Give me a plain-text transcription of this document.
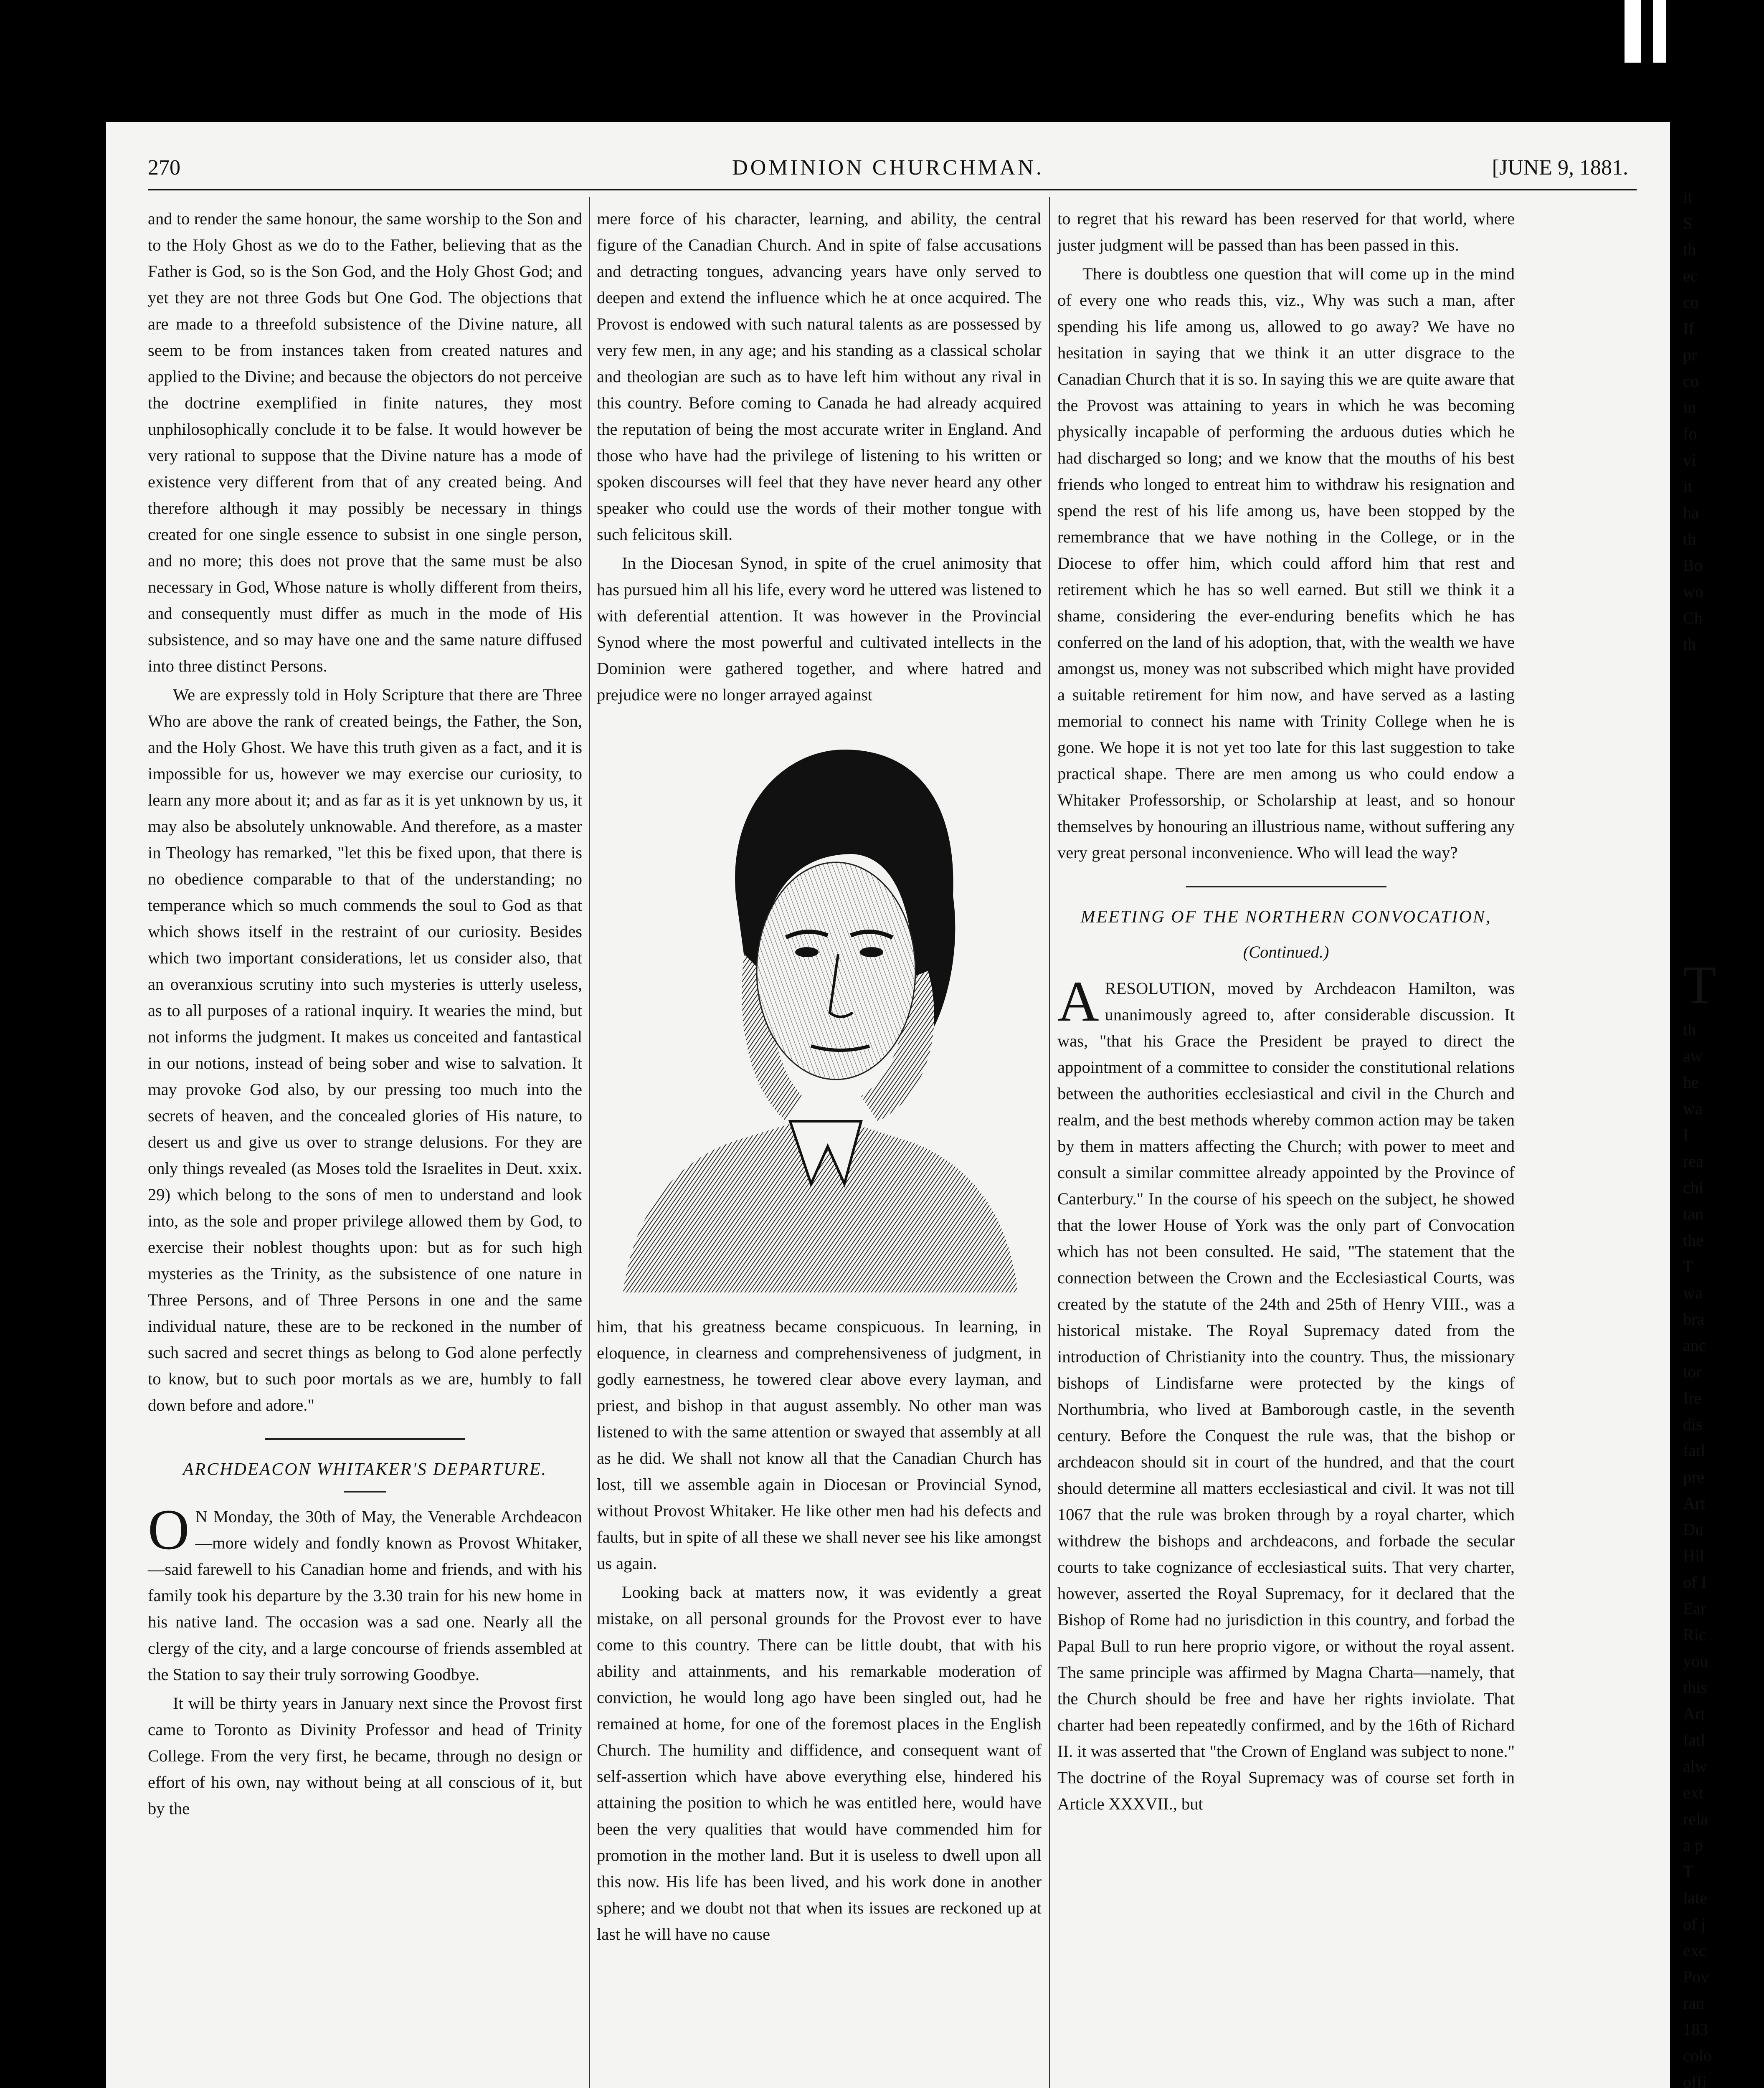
270	DOMINION CHURCHMAN.	[JUNE 9, 1881.

and to render the same honour, the same worship to the Son and to the Holy Ghost as we do to the Father, believing that as the Father is God, so is the Son God, and the Holy Ghost God; and yet they are not three Gods but One God. The objections that are made to a threefold subsistence of the Divine nature, all seem to be from instances taken from created natures and applied to the Divine; and because the objectors do not perceive the doctrine exemplified in finite natures, they most unphilosophically conclude it to be false. It would however be very rational to suppose that the Divine nature has a mode of existence very different from that of any created being. And therefore although it may possibly be necessary in things created for one single essence to subsist in one single person, and no more; this does not prove that the same must be also necessary in God, Whose nature is wholly different from theirs, and consequently must differ as much in the mode of His subsistence, and so may have one and the same nature diffused into three distinct Persons.

We are expressly told in Holy Scripture that there are Three Who are above the rank of created beings, the Father, the Son, and the Holy Ghost. We have this truth given as a fact, and it is impossible for us, however we may exercise our curiosity, to learn any more about it; and as far as it is yet unknown by us, it may also be absolutely unknowable. And therefore, as a master in Theology has remarked, "let this be fixed upon, that there is no obedience comparable to that of the understanding; no temperance which so much commends the soul to God as that which shows itself in the restraint of our curiosity. Besides which two important considerations, let us consider also, that an overanxious scrutiny into such mysteries is utterly useless, as to all purposes of a rational inquiry. It wearies the mind, but not informs the judgment. It makes us conceited and fantastical in our notions, instead of being sober and wise to salvation. It may provoke God also, by our pressing too much into the secrets of heaven, and the concealed glories of His nature, to desert us and give us over to strange delusions. For they are only things revealed (as Moses told the Israelites in Deut. xxix. 29) which belong to the sons of men to understand and look into, as the sole and proper privilege allowed them by God, to exercise their noblest thoughts upon: but as for such high mysteries as the Trinity, as the subsistence of one nature in Three Persons, and of Three Persons in one and the same individual nature, these are to be reckoned in the number of such sacred and secret things as belong to God alone perfectly to know, but to such poor mortals as we are, humbly to fall down before and adore."

ARCHDEACON WHITAKER'S DEPARTURE.

O N Monday, the 30th of May, the Venerable Archdeacon—more widely and fondly known as Provost Whitaker,—said farewell to his Canadian home and friends, and with his family took his departure by the 3.30 train for his new home in his native land. The occasion was a sad one. Nearly all the clergy of the city, and a large concourse of friends assembled at the Station to say their truly sorrowing Goodbye.

It will be thirty years in January next since the Provost first came to Toronto as Divinity Professor and head of Trinity College. From the very first, he became, through no design or effort of his own, nay without being at all conscious of it, but by the

mere force of his character, learning, and ability, the central figure of the Canadian Church. And in spite of false accusations and detracting tongues, advancing years have only served to deepen and extend the influence which he at once acquired. The Provost is endowed with such natural talents as are possessed by very few men, in any age; and his standing as a classical scholar and theologian are such as to have left him without any rival in this country. Before coming to Canada he had already acquired the reputation of being the most accurate writer in England. And those who have had the privilege of listening to his written or spoken discourses will feel that they have never heard any other speaker who could use the words of their mother tongue with such felicitous skill.

In the Diocesan Synod, in spite of the cruel animosity that has pursued him all his life, every word he uttered was listened to with deferential attention. It was however in the Provincial Synod where the most powerful and cultivated intellects in the Dominion were gathered together, and where hatred and prejudice were no longer arrayed against

him, that his greatness became conspicuous. In learning, in eloquence, in clearness and comprehensiveness of judgment, in godly earnestness, he towered clear above every layman, and priest, and bishop in that august assembly. No other man was listened to with the same attention or swayed that assembly at all as he did. We shall not know all that the Canadian Church has lost, till we assemble again in Diocesan or Provincial Synod, without Provost Whitaker. He like other men had his defects and faults, but in spite of all these we shall never see his like amongst us again.

Looking back at matters now, it was evidently a great mistake, on all personal grounds for the Provost ever to have come to this country. There can be little doubt, that with his ability and attainments, and his remarkable moderation of conviction, he would long ago have been singled out, had he remained at home, for one of the foremost places in the English Church. The humility and diffidence, and consequent want of self-assertion which have above everything else, hindered his attaining the position to which he was entitled here, would have been the very qualities that would have commended him for promotion in the mother land. But it is useless to dwell upon all this now. His life has been lived, and his work done in another sphere; and we doubt not that when its issues are reckoned up at last he will have no cause

to regret that his reward has been reserved for that world, where juster judgment will be passed than has been passed in this.

There is doubtless one question that will come up in the mind of every one who reads this, viz., Why was such a man, after spending his life among us, allowed to go away? We have no hesitation in saying that we think it an utter disgrace to the Canadian Church that it is so. In saying this we are quite aware that the Provost was attaining to years in which he was becoming physically incapable of performing the arduous duties which he had discharged so long; and we know that the mouths of his best friends who longed to entreat him to withdraw his resignation and spend the rest of his life among us, have been stopped by the remembrance that we have nothing in the College, or in the Diocese to offer him, which could afford him that rest and retirement which he has so well earned. But still we think it a shame, considering the ever-enduring benefits which he has conferred on the land of his adoption, that, with the wealth we have amongst us, money was not subscribed which might have provided a suitable retirement for him now, and have served as a lasting memorial to connect his name with Trinity College when he is gone. We hope it is not yet too late for this last suggestion to take practical shape. There are men among us who could endow a Whitaker Professorship, or Scholarship at least, and so honour themselves by honouring an illustrious name, without suffering any very great personal inconvenience. Who will lead the way?

MEETING OF THE NORTHERN CONVOCATION,
(Continued.)

ARESOLUTION, moved by Archdeacon Hamilton, was unanimously agreed to, after considerable discussion. It was, "that his Grace the President be prayed to direct the appointment of a committee to consider the constitutional relations between the authorities ecclesiastical and civil in the Church and realm, and the best methods whereby common action may be taken by them in matters affecting the Church; with power to meet and consult a similar committee already appointed by the Province of Canterbury." In the course of his speech on the subject, he showed that the lower House of York was the only part of Convocation which has not been consulted. He said, "The statement that the connection between the Crown and the Ecclesiastical Courts, was created by the statute of the 24th and 25th of Henry VIII., was a historical mistake. The Royal Supremacy dated from the introduction of Christianity into the country. Thus, the missionary bishops of Lindisfarne were protected by the kings of Northumbria, who lived at Bamborough castle, in the seventh century. Before the Conquest the rule was, that the bishop or archdeacon should sit in court of the hundred, and that the court should determine all matters ecclesiastical and civil. It was not till 1067 that the rule was broken through by a royal charter, which withdrew the bishops and archdeacons, and forbade the secular courts to take cognizance of ecclesiastical suits. That very charter, however, asserted the Royal Supremacy, for it declared that the Bishop of Rome had no jurisdiction in this country, and forbad the Papal Bull to run here proprio vigore, or without the royal assent. The same principle was affirmed by Magna Charta—namely, that the Church should be free and have her rights inviolate. That charter had been repeatedly confirmed, and by the 16th of Richard II. it was asserted that "the Crown of England was subject to none." The doctrine of the Royal Supremacy was of course set forth in Article XXXVII., but

it
S
th
ec
co
If
pr
co
in
fo
vi
it
ha
th
Bo
wo
Ch
th
T
th
aw
he
wa
I
rea
chi
tan
the
T
wa
bra
anc
tor
Ire
dis
fatl
pre
Art
Du
Hil
of I
Ear
Ric
you
this
Art
fatl
alw
ext
rela
a p
T
late
of j
exc
Pov
ran
183
colo
offi
